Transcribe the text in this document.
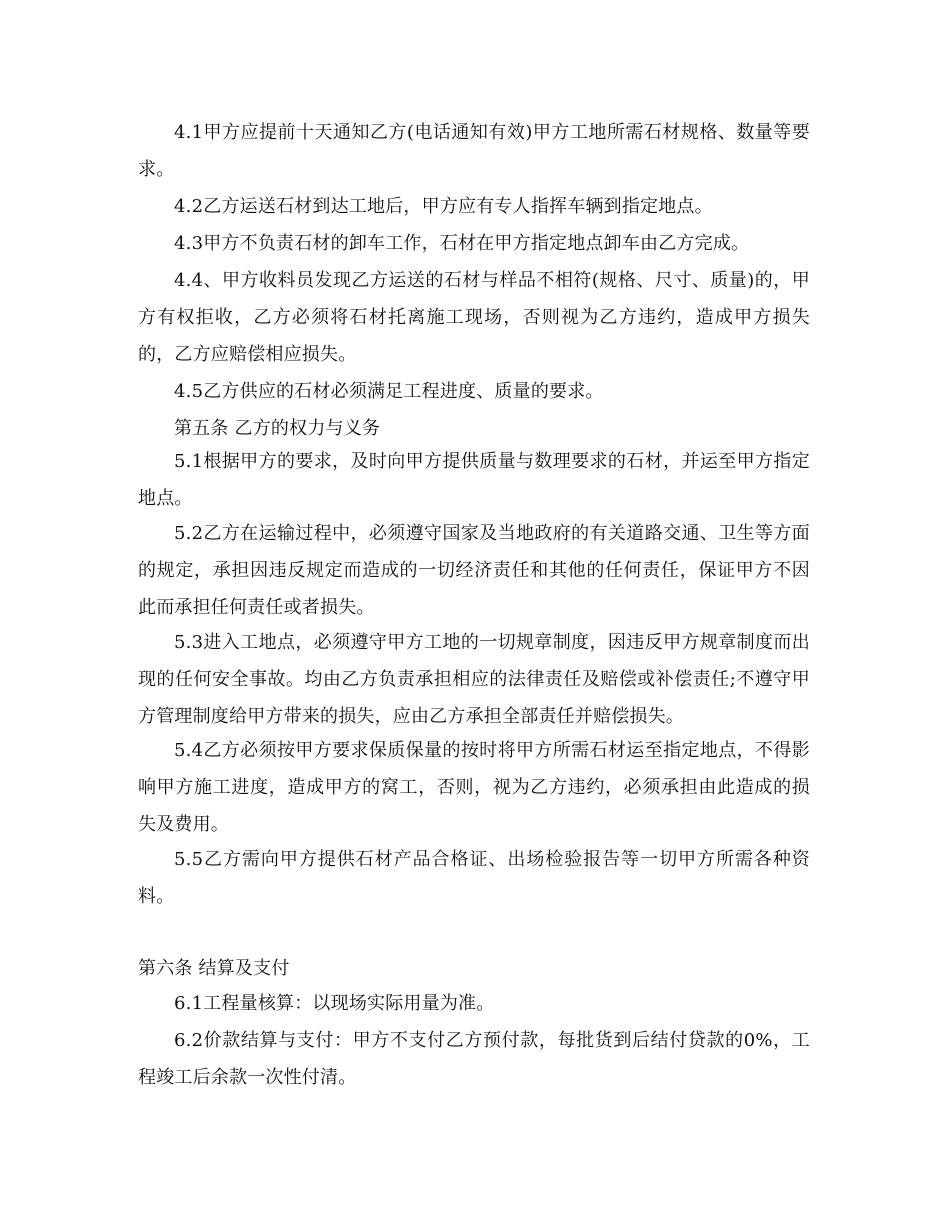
4.1甲方应提前十天通知乙方(电话通知有效)甲方工地所需石材规格、数量等要求。

4.2乙方运送石材到达工地后，甲方应有专人指挥车辆到指定地点。

4.3甲方不负责石材的卸车工作，石材在甲方指定地点卸车由乙方完成。

4.4、甲方收料员发现乙方运送的石材与样品不相符(规格、尺寸、质量)的，甲方有权拒收，乙方必须将石材托离施工现场，否则视为乙方违约，造成甲方损失的，乙方应赔偿相应损失。

4.5乙方供应的石材必须满足工程进度、质量的要求。

第五条 乙方的权力与义务

5.1根据甲方的要求，及时向甲方提供质量与数理要求的石材，并运至甲方指定地点。

5.2乙方在运输过程中，必须遵守国家及当地政府的有关道路交通、卫生等方面的规定，承担因违反规定而造成的一切经济责任和其他的任何责任，保证甲方不因此而承担任何责任或者损失。

5.3进入工地点，必须遵守甲方工地的一切规章制度，因违反甲方规章制度而出现的任何安全事故。均由乙方负责承担相应的法律责任及赔偿或补偿责任;不遵守甲方管理制度给甲方带来的损失，应由乙方承担全部责任并赔偿损失。

5.4乙方必须按甲方要求保质保量的按时将甲方所需石材运至指定地点，不得影响甲方施工进度，造成甲方的窝工，否则，视为乙方违约，必须承担由此造成的损失及费用。

5.5乙方需向甲方提供石材产品合格证、出场检验报告等一切甲方所需各种资料。

第六条 结算及支付

6.1工程量核算：以现场实际用量为准。

6.2价款结算与支付：甲方不支付乙方预付款，每批货到后结付贷款的0%，工程竣工后余款一次性付清。
